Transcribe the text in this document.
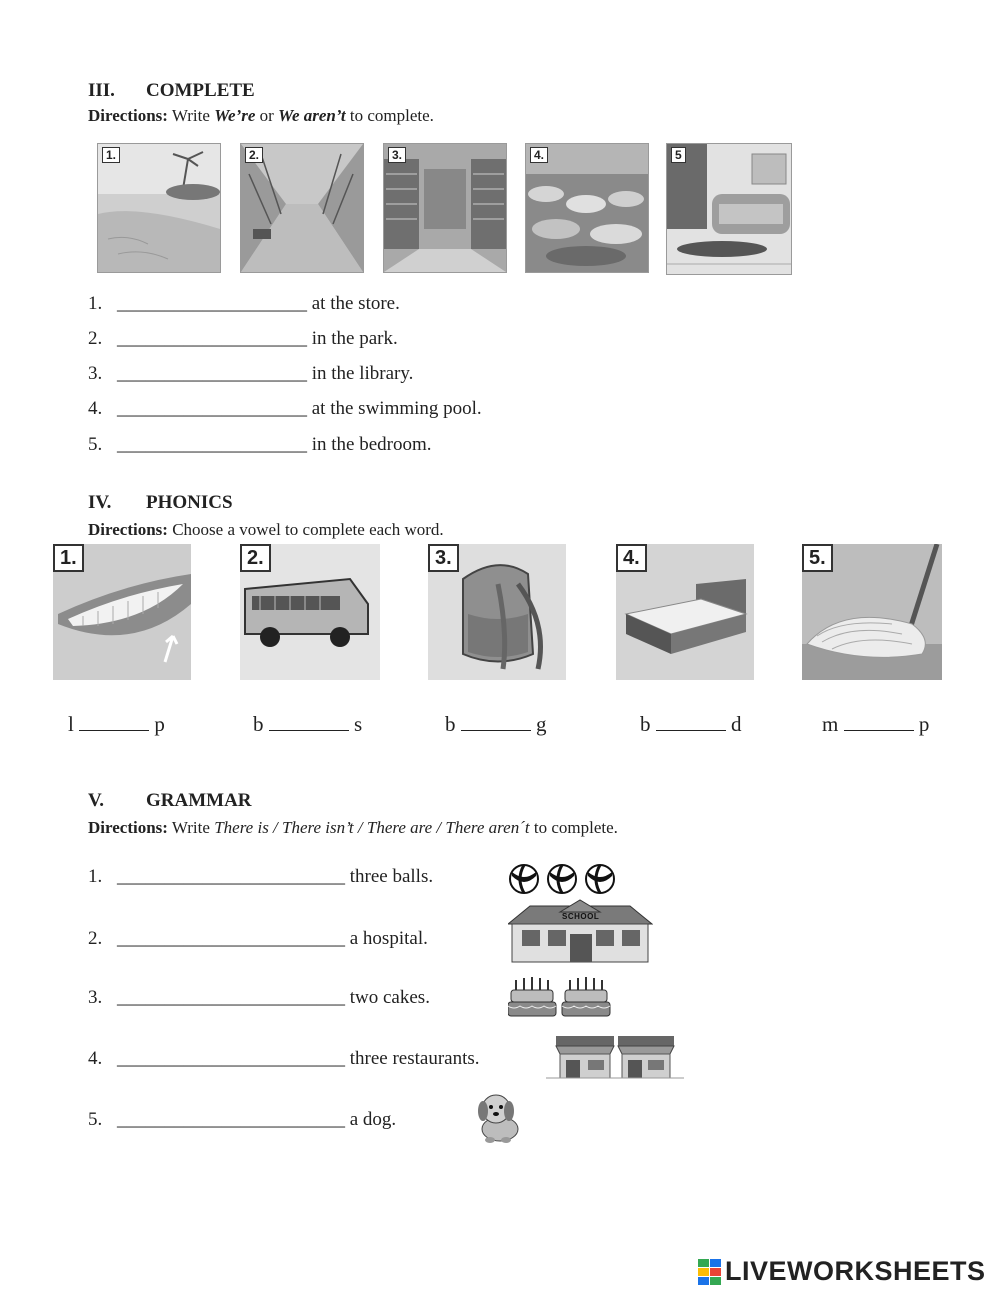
III. COMPLETE
Directions: Write We’re or We aren’t to complete.
1.	2.	3.	4.	5
1. ____________________ at the store.
2. ____________________ in the park.
3. ____________________ in the library.
4. ____________________ at the swimming pool.
5. ____________________ in the bedroom.
IV. PHONICS
Directions: Choose a vowel to complete each word.
1.	2.	3.	4.	5.
l	p	b	s	b	g	b	d	m	p
V. GRAMMAR
Directions: Write There is / There isn’t / There are / There aren´t to complete.
1. ________________________ three balls.
2. ________________________ a hospital.
3. ________________________ two cakes.
4. ________________________ three restaurants.
5. ________________________ a dog.
SCHOOL
LIVEWORKSHEETS
